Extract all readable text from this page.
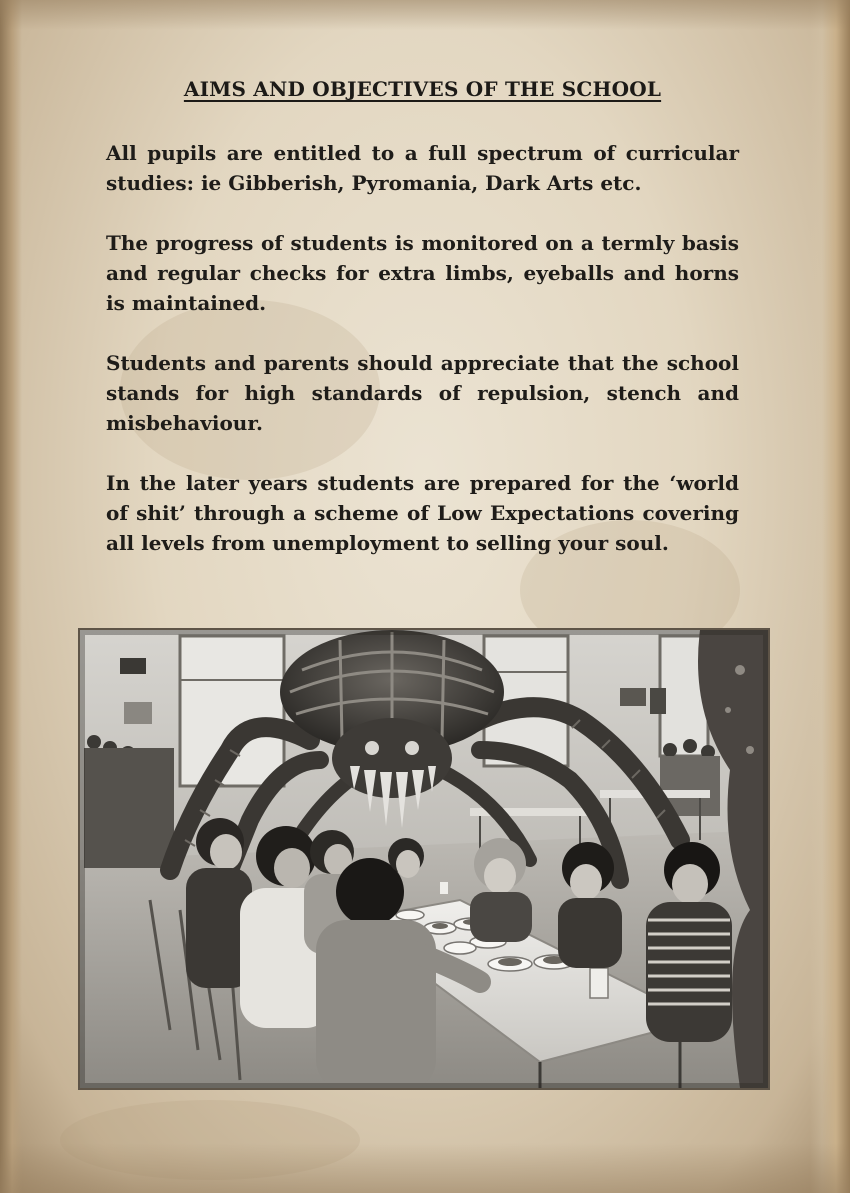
AIMS AND OBJECTIVES OF THE SCHOOL

All pupils are entitled to a full spectrum of curricular studies: ie Gibberish, Pyromania, Dark Arts etc.

The progress of students is monitored on a termly basis and regular checks for extra limbs, eyeballs and horns is maintained.

Students and parents should appreciate that the school stands for high standards of repulsion, stench and misbehaviour.

In the later years students are prepared for the ‘world of shit’ through a scheme of Low Expectations covering all levels from unemployment to selling your soul.
